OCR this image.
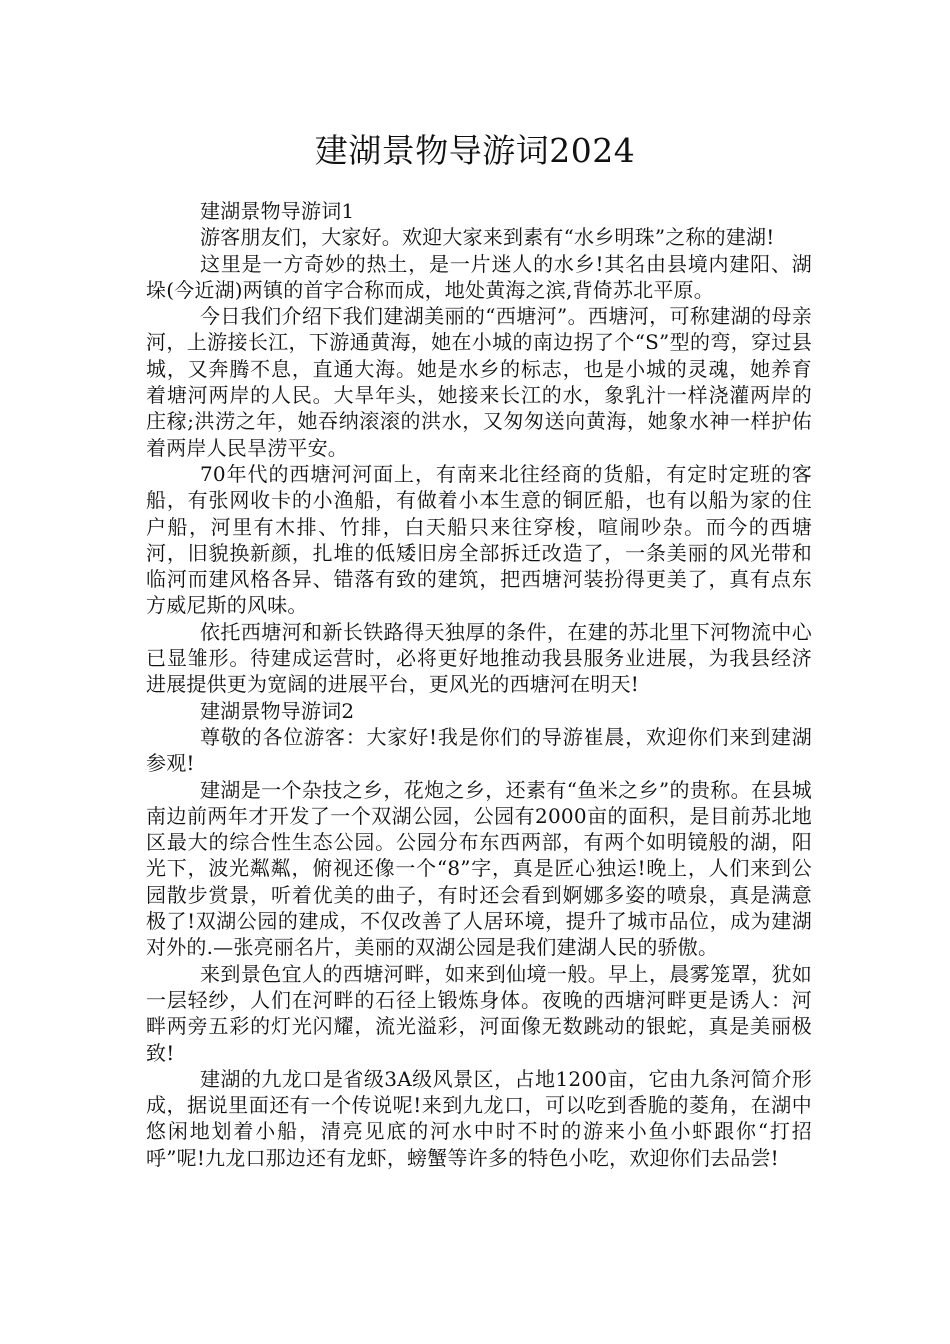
建湖景物导游词2024

建湖景物导游词1

游客朋友们，大家好。欢迎大家来到素有“水乡明珠”之称的建湖!

这里是一方奇妙的热土，是一片迷人的水乡!其名由县境内建阳、湖垛(今近湖)两镇的首字合称而成，地处黄海之滨,背倚苏北平原。

今日我们介绍下我们建湖美丽的“西塘河”。西塘河，可称建湖的母亲河，上游接长江，下游通黄海，她在小城的南边拐了个“S”型的弯，穿过县城，又奔腾不息，直通大海。她是水乡的标志，也是小城的灵魂，她养育着塘河两岸的人民。大旱年头，她接来长江的水，象乳汁一样浇灌两岸的庄稼;洪涝之年，她吞纳滚滚的洪水，又匆匆送向黄海，她象水神一样护佑着两岸人民旱涝平安。

70年代的西塘河河面上，有南来北往经商的货船，有定时定班的客船，有张网收卡的小渔船，有做着小本生意的铜匠船，也有以船为家的住户船，河里有木排、竹排，白天船只来往穿梭，喧闹吵杂。而今的西塘河，旧貌换新颜，扎堆的低矮旧房全部拆迁改造了，一条美丽的风光带和临河而建风格各异、错落有致的建筑，把西塘河装扮得更美了，真有点东方威尼斯的风味。

依托西塘河和新长铁路得天独厚的条件，在建的苏北里下河物流中心已显雏形。待建成运营时，必将更好地推动我县服务业进展，为我县经济进展提供更为宽阔的进展平台，更风光的西塘河在明天!

建湖景物导游词2

尊敬的各位游客：大家好!我是你们的导游崔晨，欢迎你们来到建湖参观!

建湖是一个杂技之乡，花炮之乡，还素有“鱼米之乡”的贵称。在县城南边前两年才开发了一个双湖公园，公园有2000亩的面积，是目前苏北地区最大的综合性生态公园。公园分布东西两部，有两个如明镜般的湖，阳光下，波光粼粼，俯视还像一个“8”字，真是匠心独运!晚上，人们来到公园散步赏景，听着优美的曲子，有时还会看到婀娜多姿的喷泉，真是满意极了!双湖公园的建成，不仅改善了人居环境，提升了城市品位，成为建湖对外的.—张亮丽名片，美丽的双湖公园是我们建湖人民的骄傲。

来到景色宜人的西塘河畔，如来到仙境一般。早上，晨雾笼罩，犹如一层轻纱，人们在河畔的石径上锻炼身体。夜晚的西塘河畔更是诱人：河畔两旁五彩的灯光闪耀，流光溢彩，河面像无数跳动的银蛇，真是美丽极致!

建湖的九龙口是省级3A级风景区，占地1200亩，它由九条河简介形成，据说里面还有一个传说呢!来到九龙口，可以吃到香脆的菱角，在湖中悠闲地划着小船，清亮见底的河水中时不时的游来小鱼小虾跟你“打招呼”呢!九龙口那边还有龙虾，螃蟹等许多的特色小吃，欢迎你们去品尝!
